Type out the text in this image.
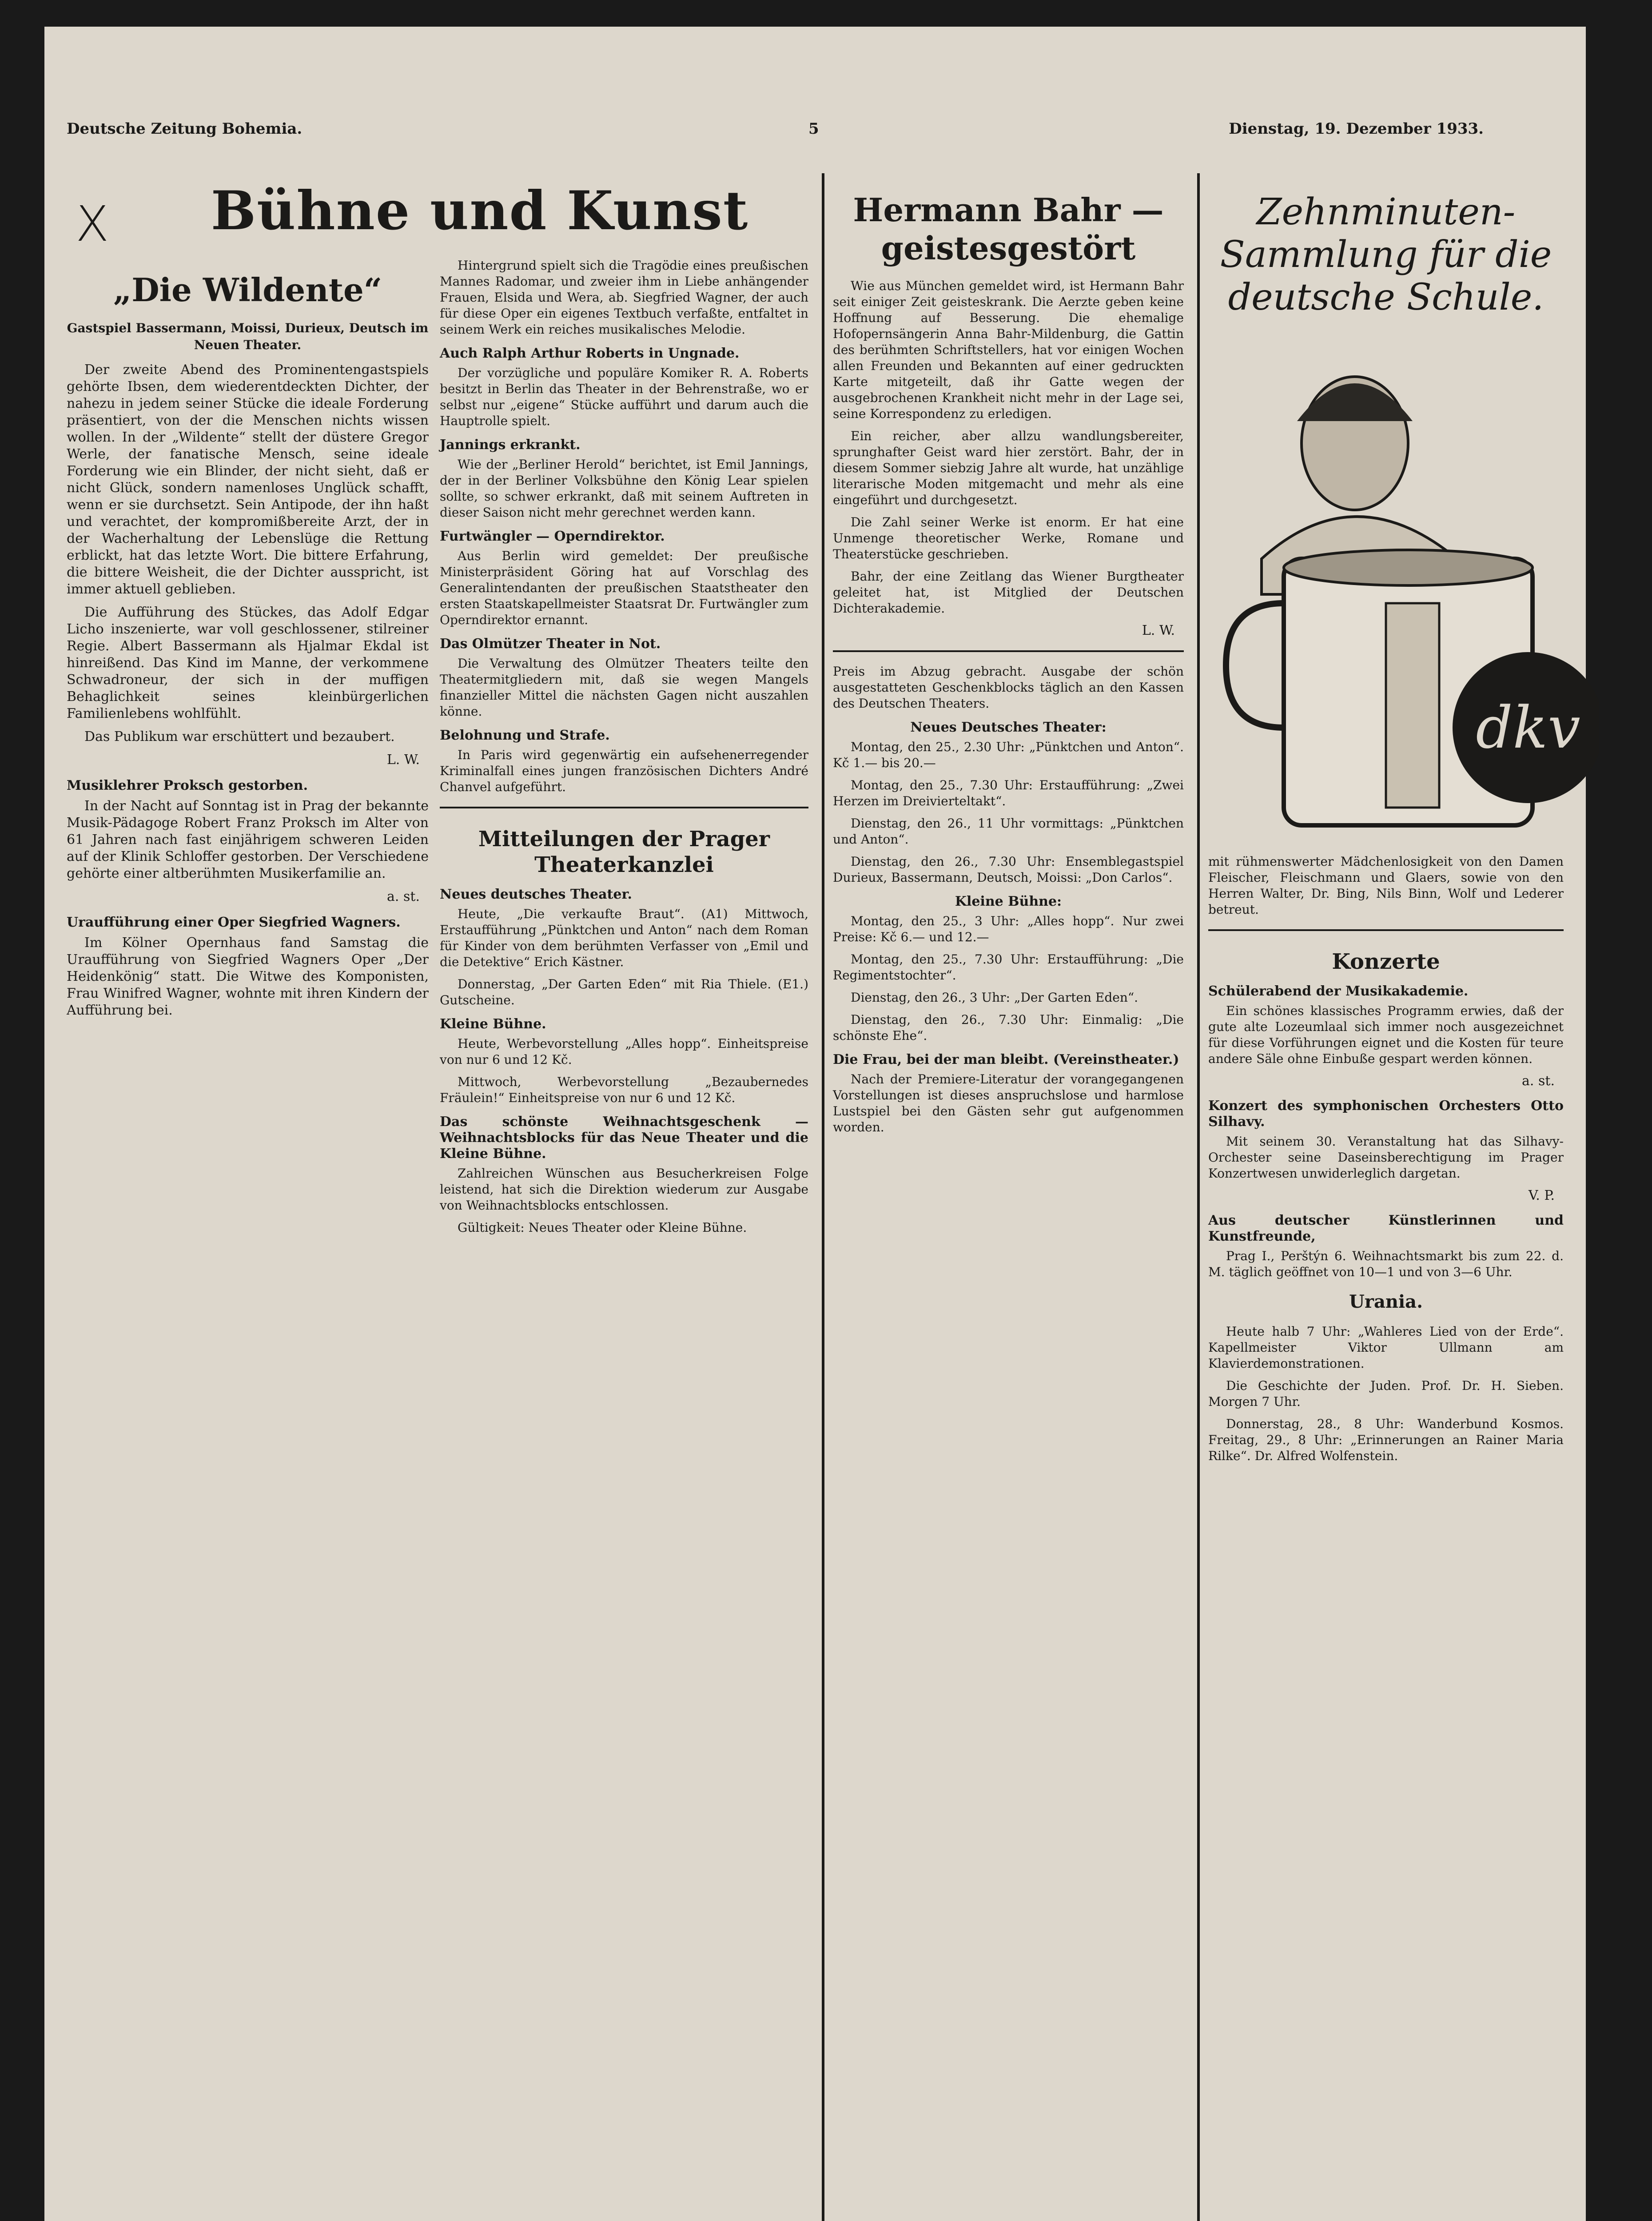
Deutsche Zeitung Bohemia.	5	Dienstag, 19. Dezember 1933.
X	Bühne und Kunst
„Die Wildente“
Gastspiel Bassermann, Moissi, Durieux, Deutsch im Neuen Theater.

Der zweite Abend des Prominentengastspiels gehörte Ibsen, dem wiederentdeckten Dichter, der nahezu in jedem seiner Stücke die ideale Forderung präsentiert, von der die Menschen nichts wissen wollen. In der „Wildente“ stellt der düstere Gregor Werle, der fanatische Mensch, seine ideale Forderung wie ein Blinder, der nicht sieht, daß er nicht Glück, sondern namenloses Unglück schafft, wenn er sie durchsetzt. Sein Antipode, der ihn haßt und verachtet, der kompromißbereite Arzt, der in der Wacherhaltung der Lebenslüge die Rettung erblickt, hat das letzte Wort. Die bittere Erfahrung, die bittere Weisheit, die der Dichter ausspricht, ist immer aktuell geblieben.

Die Aufführung des Stückes, das Adolf Edgar Licho inszenierte, war voll geschlossener, stilreiner Regie. Albert Bassermann als Hjalmar Ekdal ist hinreißend. Das Kind im Manne, der verkommene Schwadroneur, der sich in der muffigen Behaglichkeit seines kleinbürgerlichen Familienlebens wohlfühlt.

Das Publikum war erschüttert und bezaubert.

L. W.
Musiklehrer Proksch gestorben.

In der Nacht auf Sonntag ist in Prag der bekannte Musik-Pädagoge Robert Franz Proksch im Alter von 61 Jahren nach fast einjährigem schweren Leiden auf der Klinik Schloffer gestorben. Der Verschiedene gehörte einer altberühmten Musikerfamilie an.

a. st.
Uraufführung einer Oper Siegfried Wagners.

Im Kölner Opernhaus fand Samstag die Uraufführung von Siegfried Wagners Oper „Der Heidenkönig“ statt. Die Witwe des Komponisten, Frau Winifred Wagner, wohnte mit ihren Kindern der Aufführung bei.

Hintergrund spielt sich die Tragödie eines preußischen Mannes Radomar, und zweier ihm in Liebe anhängender Frauen, Elsida und Wera, ab. Siegfried Wagner, der auch für diese Oper ein eigenes Textbuch verfaßte, entfaltet in seinem Werk ein reiches musikalisches Melodie.

Auch Ralph Arthur Roberts in Ungnade.

Der vorzügliche und populäre Komiker R. A. Roberts besitzt in Berlin das Theater in der Behrenstraße, wo er selbst nur „eigene“ Stücke aufführt und darum auch die Hauptrolle spielt.

Jannings erkrankt.

Wie der „Berliner Herold“ berichtet, ist Emil Jannings, der in der Berliner Volksbühne den König Lear spielen sollte, so schwer erkrankt, daß mit seinem Auftreten in dieser Saison nicht mehr gerechnet werden kann.

Furtwängler — Operndirektor.

Aus Berlin wird gemeldet: Der preußische Ministerpräsident Göring hat auf Vorschlag des Generalintendanten der preußischen Staatstheater den ersten Staatskapellmeister Staatsrat Dr. Furtwängler zum Operndirektor ernannt.

Das Olmützer Theater in Not.

Die Verwaltung des Olmützer Theaters teilte den Theatermitgliedern mit, daß sie wegen Mangels finanzieller Mittel die nächsten Gagen nicht auszahlen könne.

Belohnung und Strafe.

In Paris wird gegenwärtig ein aufsehenerregender Kriminalfall eines jungen französischen Dichters André Chanvel aufgeführt.

Mitteilungen der Prager Theaterkanzlei
Neues deutsches Theater.

Heute, „Die verkaufte Braut“. (A1) Mittwoch, Erstaufführung „Pünktchen und Anton“ nach dem Roman für Kinder von dem berühmten Verfasser von „Emil und die Detektive“ Erich Kästner.

Donnerstag, „Der Garten Eden“ mit Ria Thiele. (E1.) Gutscheine.

Kleine Bühne.

Heute, Werbevorstellung „Alles hopp“. Einheitspreise von nur 6 und 12 Kč.

Mittwoch, Werbevorstellung „Bezaubernedes Fräulein!“ Einheitspreise von nur 6 und 12 Kč.

Das schönste Weihnachtsgeschenk — Weihnachtsblocks für das Neue Theater und die Kleine Bühne.

Zahlreichen Wünschen aus Besucherkreisen Folge leistend, hat sich die Direktion wiederum zur Ausgabe von Weihnachtsblocks entschlossen.

Gültigkeit: Neues Theater oder Kleine Bühne.

Hermann Bahr — geistesgestört

Wie aus München gemeldet wird, ist Hermann Bahr seit einiger Zeit geisteskrank. Die Aerzte geben keine Hoffnung auf Besserung. Die ehemalige Hofopernsängerin Anna Bahr-Mildenburg, die Gattin des berühmten Schriftstellers, hat vor einigen Wochen allen Freunden und Bekannten auf einer gedruckten Karte mitgeteilt, daß ihr Gatte wegen der ausgebrochenen Krankheit nicht mehr in der Lage sei, seine Korrespondenz zu erledigen.

Ein reicher, aber allzu wandlungsbereiter, sprunghafter Geist ward hier zerstört. Bahr, der in diesem Sommer siebzig Jahre alt wurde, hat unzählige literarische Moden mitgemacht und mehr als eine eingeführt und durchgesetzt.

Die Zahl seiner Werke ist enorm. Er hat eine Unmenge theoretischer Werke, Romane und Theaterstücke geschrieben.

Bahr, der eine Zeitlang das Wiener Burgtheater geleitet hat, ist Mitglied der Deutschen Dichterakademie.

L. W.

Preis im Abzug gebracht. Ausgabe der schön ausgestatteten Geschenkblocks täglich an den Kassen des Deutschen Theaters.

Neues Deutsches Theater:

Montag, den 25., 2.30 Uhr: „Pünktchen und Anton“. Kč 1.— bis 20.—

Montag, den 25., 7.30 Uhr: Erstaufführung: „Zwei Herzen im Dreivierteltakt“.

Dienstag, den 26., 11 Uhr vormittags: „Pünktchen und Anton“.

Dienstag, den 26., 7.30 Uhr: Ensemblegastspiel Durieux, Bassermann, Deutsch, Moissi: „Don Carlos“.

Kleine Bühne:

Montag, den 25., 3 Uhr: „Alles hopp“. Nur zwei Preise: Kč 6.— und 12.—

Montag, den 25., 7.30 Uhr: Erstaufführung: „Die Regimentstochter“.

Dienstag, den 26., 3 Uhr: „Der Garten Eden“.

Dienstag, den 26., 7.30 Uhr: Einmalig: „Die schönste Ehe“.

Die Frau, bei der man bleibt. (Vereinstheater.)

Nach der Premiere-Literatur der vorangegangenen Vorstellungen ist dieses anspruchslose und harmlose Lustspiel bei den Gästen sehr gut aufgenommen worden.

Zehnminuten-Sammlung für die deutsche Schule.
dkv

mit rühmenswerter Mädchenlosigkeit von den Damen Fleischer, Fleischmann und Glaers, sowie von den Herren Walter, Dr. Bing, Nils Binn, Wolf und Lederer betreut.

Konzerte
Schülerabend der Musikakademie.

Ein schönes klassisches Programm erwies, daß der gute alte Lozeumlaal sich immer noch ausgezeichnet für diese Vorführungen eignet und die Kosten für teure andere Säle ohne Einbuße gespart werden können.

a. st.
Konzert des symphonischen Orchesters Otto Silhavy.

Mit seinem 30. Veranstaltung hat das Silhavy-Orchester seine Daseinsberechtigung im Prager Konzertwesen unwiderleglich dargetan.

V. P.
Aus deutscher Künstlerinnen und Kunstfreunde,

Prag I., Perštýn 6. Weihnachtsmarkt bis zum 22. d. M. täglich geöffnet von 10—1 und von 3—6 Uhr.

Urania.

Heute halb 7 Uhr: „Wahleres Lied von der Erde“. Kapellmeister Viktor Ullmann am Klavierdemonstrationen.

Die Geschichte der Juden. Prof. Dr. H. Sieben. Morgen 7 Uhr.

Donnerstag, 28., 8 Uhr: Wanderbund Kosmos. Freitag, 29., 8 Uhr: „Erinnerungen an Rainer Maria Rilke“. Dr. Alfred Wolfenstein.
